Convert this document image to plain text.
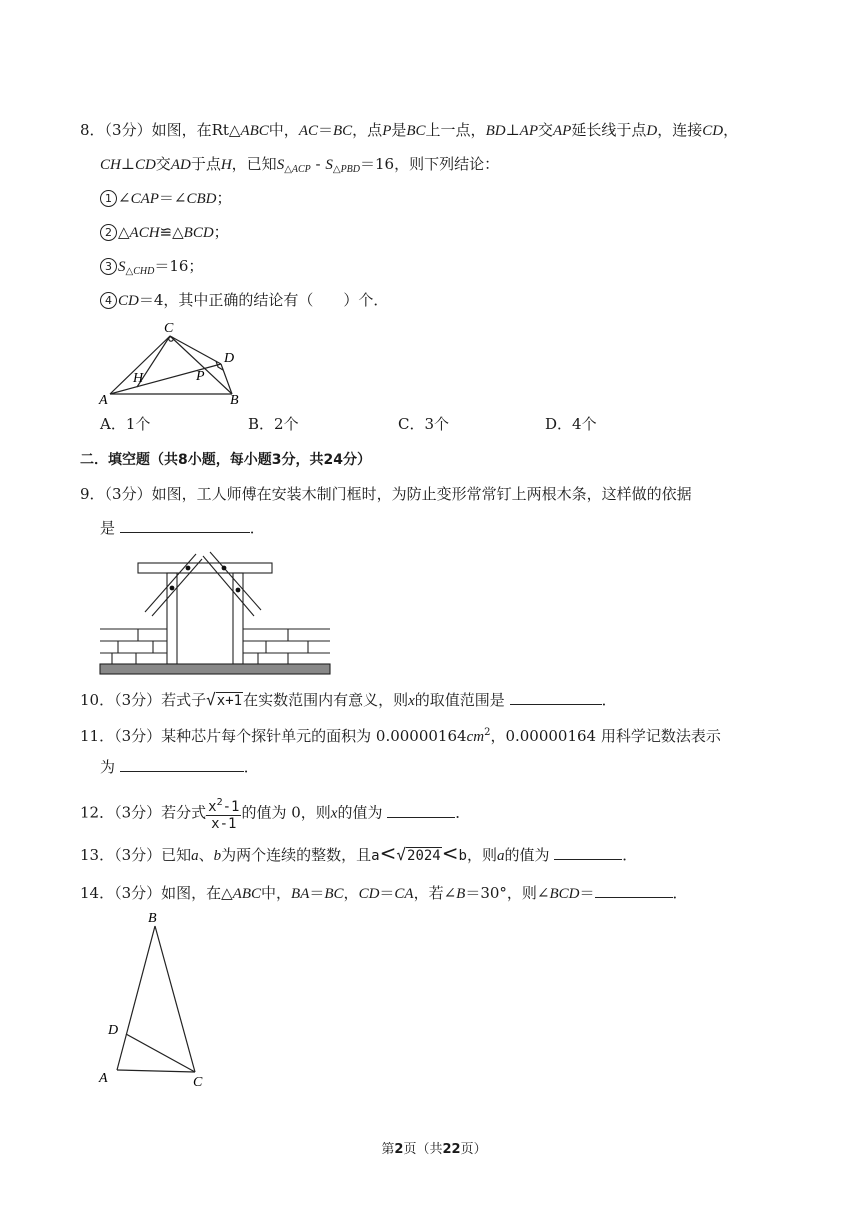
8．（3分）如图，在Rt△ABC中，AC＝BC，点P是BC上一点，BD⊥AP交AP延长线于点D，连接CD，
CH⊥CD交AD于点H，已知$S_{\triangle ACP} - S_{\triangle PBD}=16$，则下列结论：
1 ∠CAP＝∠CBD；
2 △ACH≌△BCD；
3 $S_{\triangle CHD}=16$；
4 CD＝4，其中正确的结论有（　　）个．
C
D
H	P
A	B
A．1个	B．2个	C．3个	D．4个
二．填空题（共8小题，每小题3分，共24分）
9．（3分）如图，工人师傅在安装木制门框时，为防止变形常常钉上两根木条，这样做的依据
是	．
10．（3分）若式子√x+1在实数范围内有意义，则x的取值范围是	．
11．（3分）某种芯片每个探针单元的面积为 $0.00000164cm^2$，0.00000164 用科学记数法表示
为	．
12．（3分）若分式 $\frac{x^2-1}{x-1}$ 的值为 0，则x的值为	．
13．（3分）已知a、b为两个连续的整数，且a<√2024<b，则a的值为	．
14．（3分）如图，在△ABC中，BA＝BC，CD＝CA，若∠B＝30°，则∠BCD＝	．
B
D
A	C
第2页（共22页）
